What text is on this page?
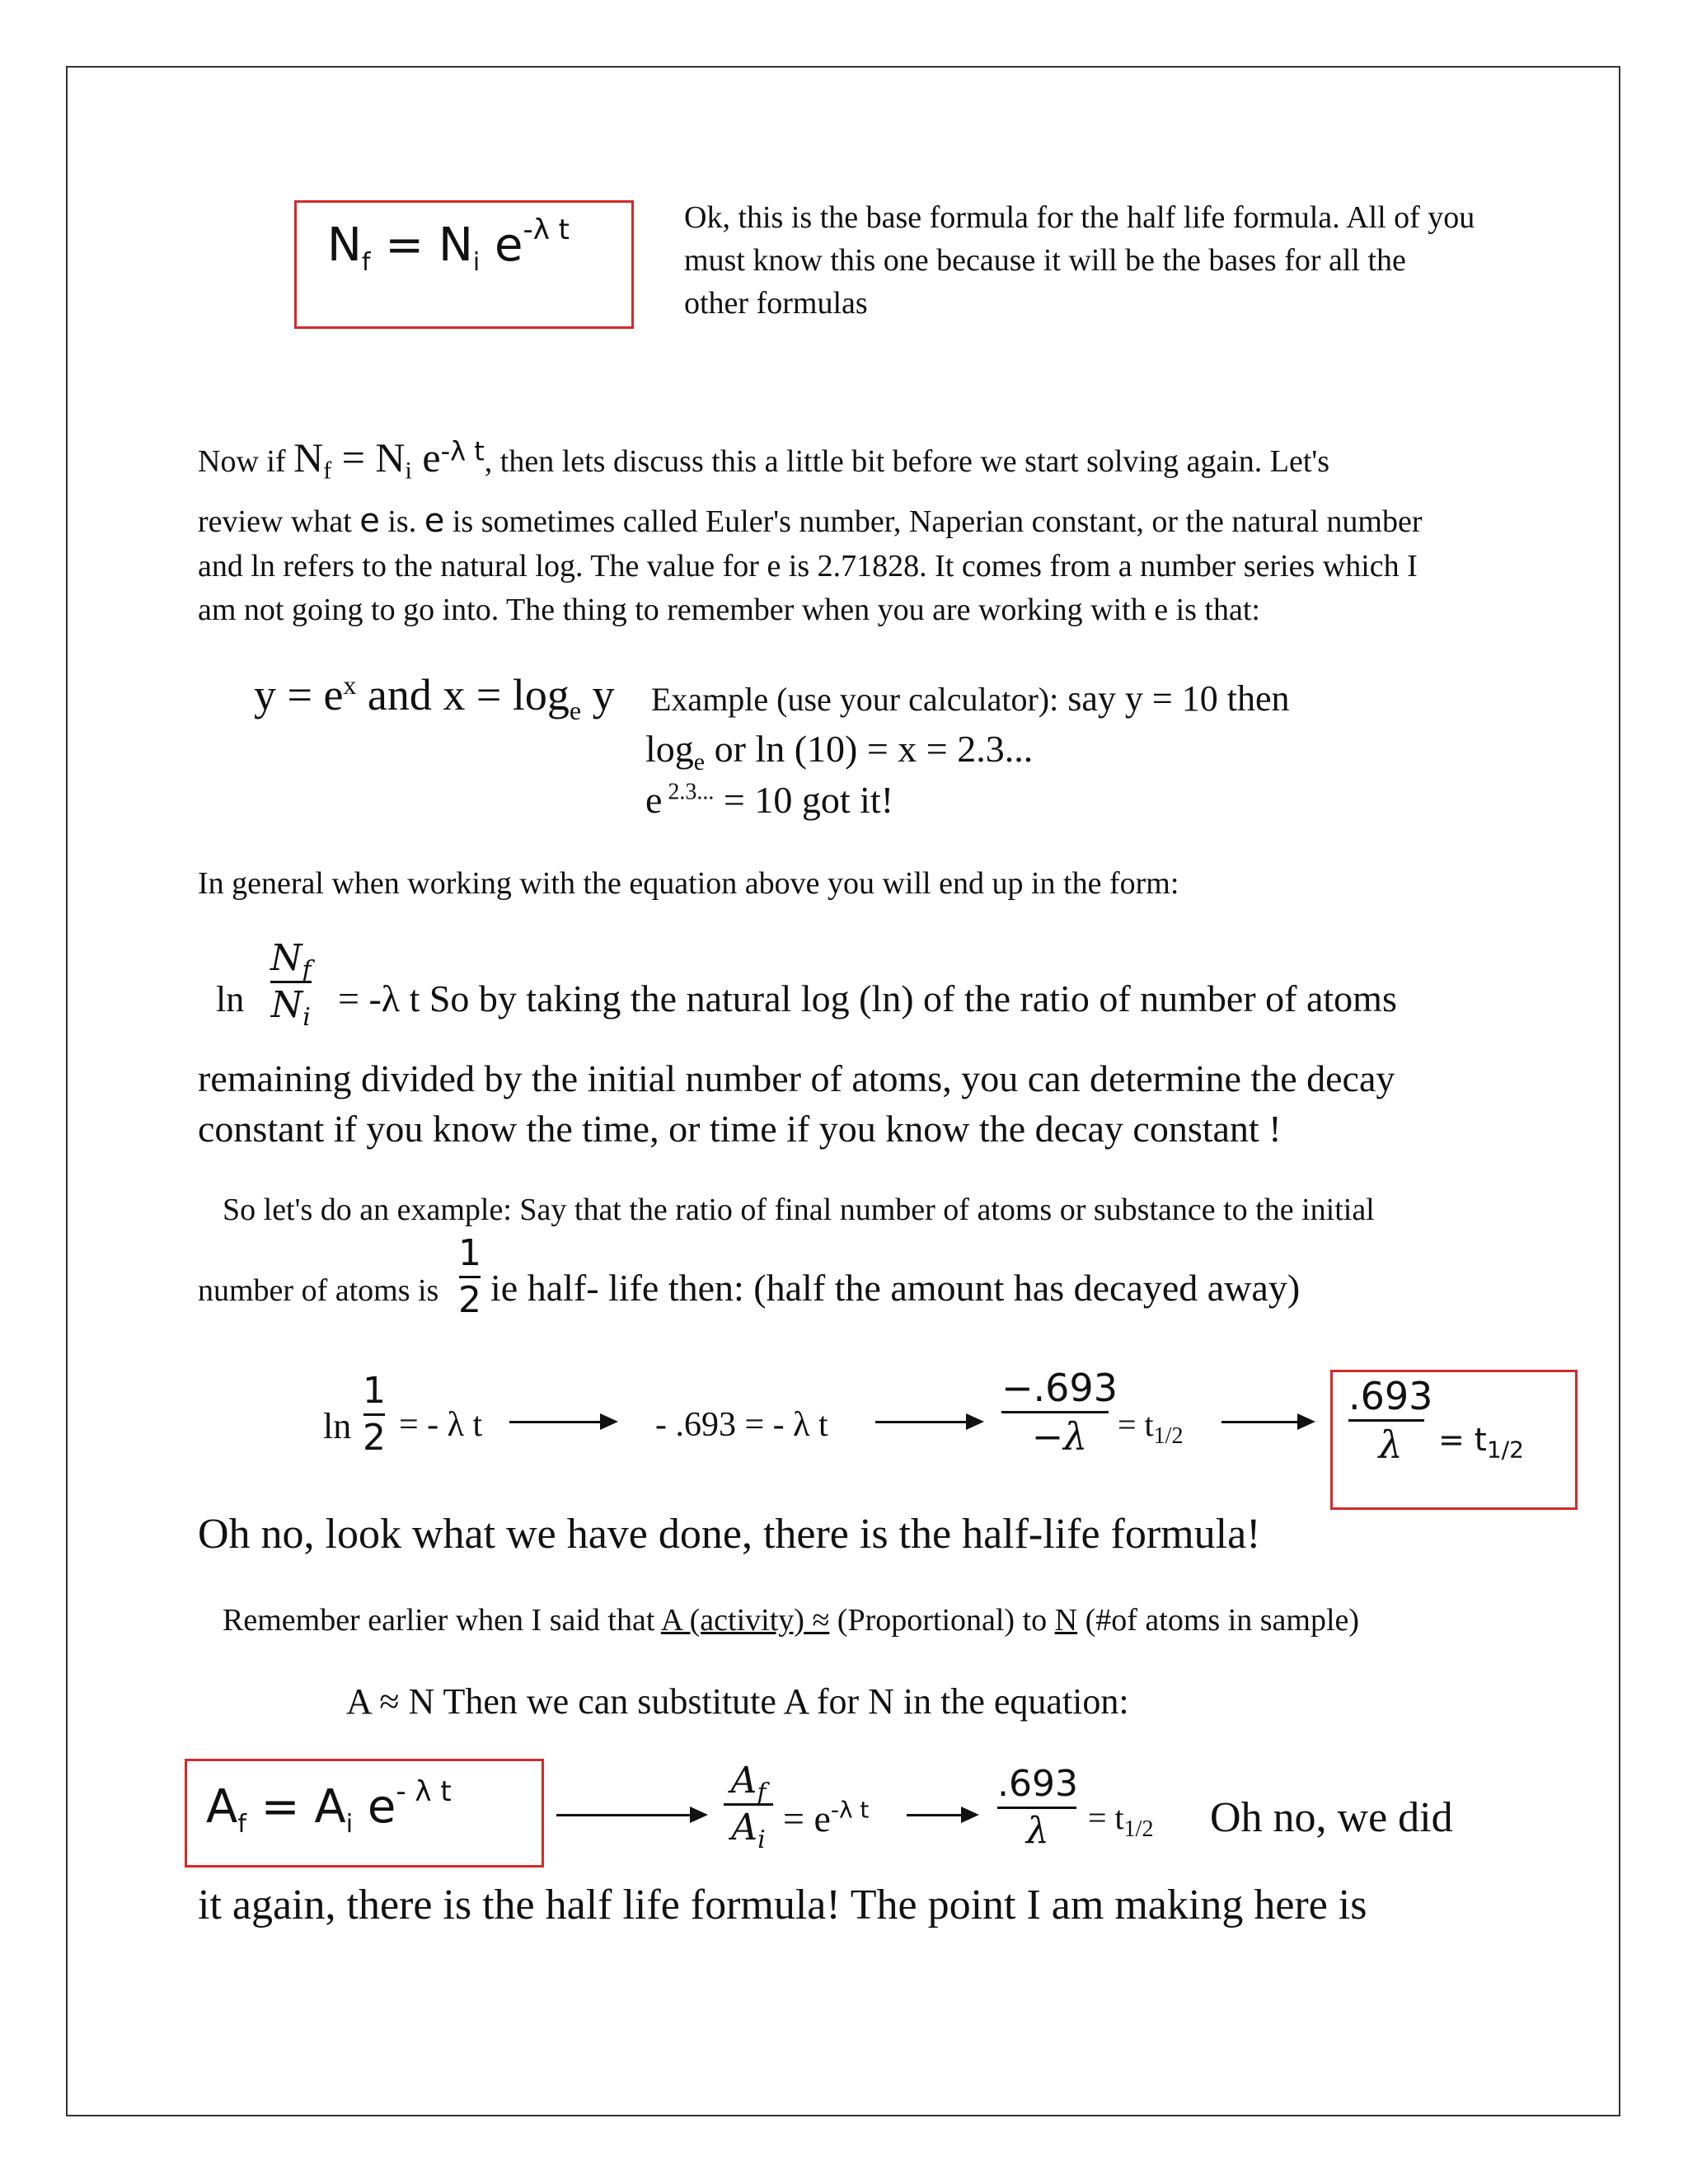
$N_f = N_i$ $e^{-\lambda t}$	Ok, this is the base formula for the half life formula. All of you must know this one because it will be the bases for all the other formulas
Now if $N_f = N_i$ $e^{-\lambda t}$, then lets discuss this a little bit before we start solving again. Let's
review what e is. e is sometimes called Euler's number, Naperian constant, or the natural number
and ln refers to the natural log. The value for e is 2.71828. It comes from a number series which I
am not going to go into. The thing to remember when you are working with e is that:
$y = e^x$ and $x = \log_e y$ Example (use your calculator): say y = 10 then
$\log_e$ or ln (10) = x = 2.3...
e $^{2.3...}$ = 10 got it!
In general when working with the equation above you will end up in the form:
ln
$N_f$
$N_i = -\lambda$ t So by taking the natural log (ln) of the ratio of number of atoms
remaining divided by the initial number of atoms, you can determine the decay
constant if you know the time, or time if you know the decay constant !
So let's do an example: Say that the ratio of final number of atoms or substance to the initial
number of atoms is
1
2 ie half- life then: (half the amount has decayed away)
ln
1
2 = - λ t	- .693 = - λ t
−.693
$-\lambda = t_{1/2}$
.693
$\lambda = t_{1/2}$
Oh no, look what we have done, there is the half-life formula!
Remember earlier when I said that A (activity) ≈ (Proportional) to N (#of atoms in sample)
A ≈ N Then we can substitute A for N in the equation:
$A_f = A_i$ $e^{- \lambda t}$	$A_f$
$A_i$
= $e^{-\lambda t}$
.693
$\lambda = t_{1/2}$ Oh no, we did
it again, there is the half life formula! The point I am making here is
